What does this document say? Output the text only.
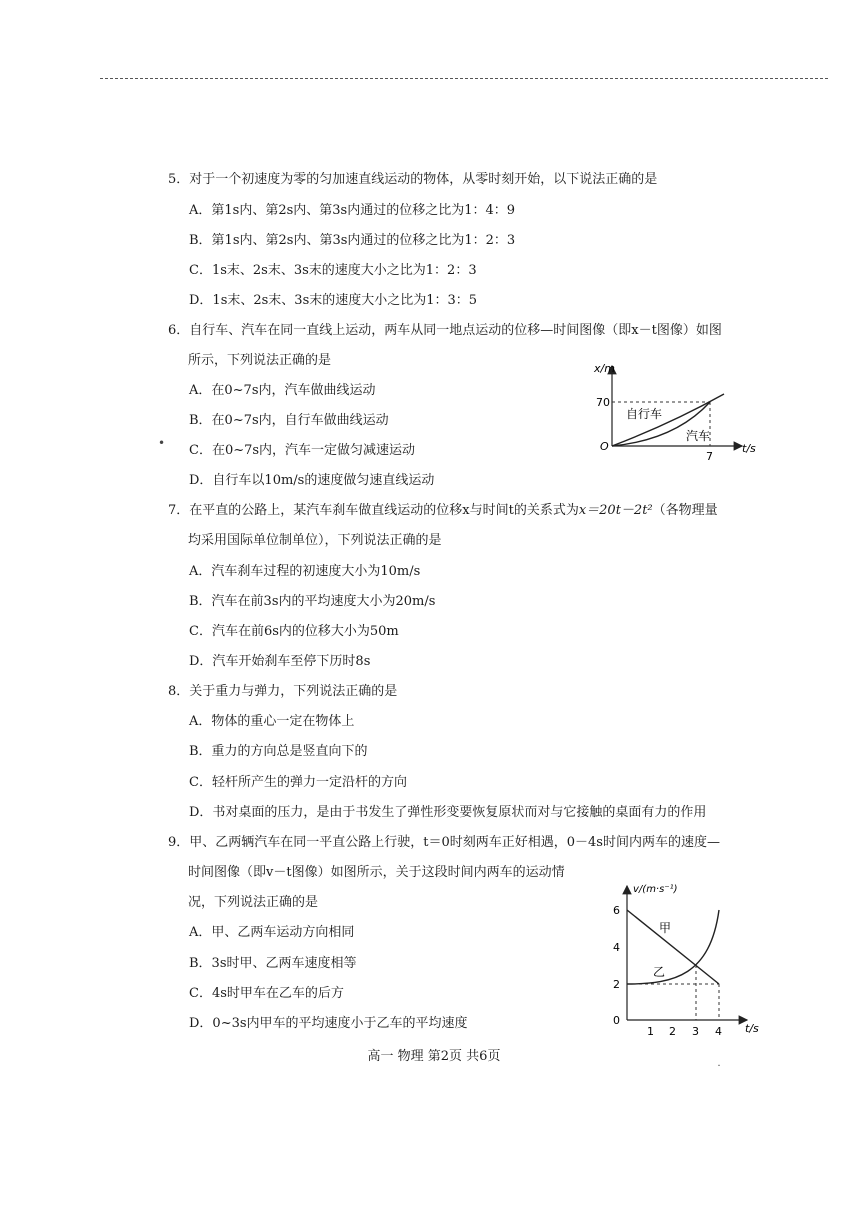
5．对于一个初速度为零的匀加速直线运动的物体，从零时刻开始，以下说法正确的是
A．第1s内、第2s内、第3s内通过的位移之比为1：4：9
B．第1s内、第2s内、第3s内通过的位移之比为1：2：3
C．1s末、2s末、3s末的速度大小之比为1：2：3
D．1s末、2s末、3s末的速度大小之比为1：3：5
6．自行车、汽车在同一直线上运动，两车从同一地点运动的位移—时间图像（即x－t图像）如图
所示，下列说法正确的是
A．在0~7s内，汽车做曲线运动
B．在0~7s内，自行车做曲线运动
C．在0~7s内，汽车一定做匀减速运动
D．自行车以10m/s的速度做匀速直线运动
•
x/m
t/s
O
70
7
自行车
汽车
7．在平直的公路上，某汽车刹车做直线运动的位移x与时间t的关系式为x＝20t－2t²（各物理量
均采用国际单位制单位），下列说法正确的是
A．汽车刹车过程的初速度大小为10m/s
B．汽车在前3s内的平均速度大小为20m/s
C．汽车在前6s内的位移大小为50m
D．汽车开始刹车至停下历时8s
8．关于重力与弹力，下列说法正确的是
A．物体的重心一定在物体上
B．重力的方向总是竖直向下的
C．轻杆所产生的弹力一定沿杆的方向
D．书对桌面的压力，是由于书发生了弹性形变要恢复原状而对与它接触的桌面有力的作用
9．甲、乙两辆汽车在同一平直公路上行驶，t＝0时刻两车正好相遇，0－4s时间内两车的速度—
时间图像（即v－t图像）如图所示，关于这段时间内两车的运动情
况，下列说法正确的是
A．甲、乙两车运动方向相同
B．3s时甲、乙两车速度相等
C．4s时甲车在乙车的后方
D．0~3s内甲车的平均速度小于乙车的平均速度
v/(m·s⁻¹)
t/s
0
2
4
6
1 2 3 4
甲
乙
高一 物理 第2页 共6页
˙
